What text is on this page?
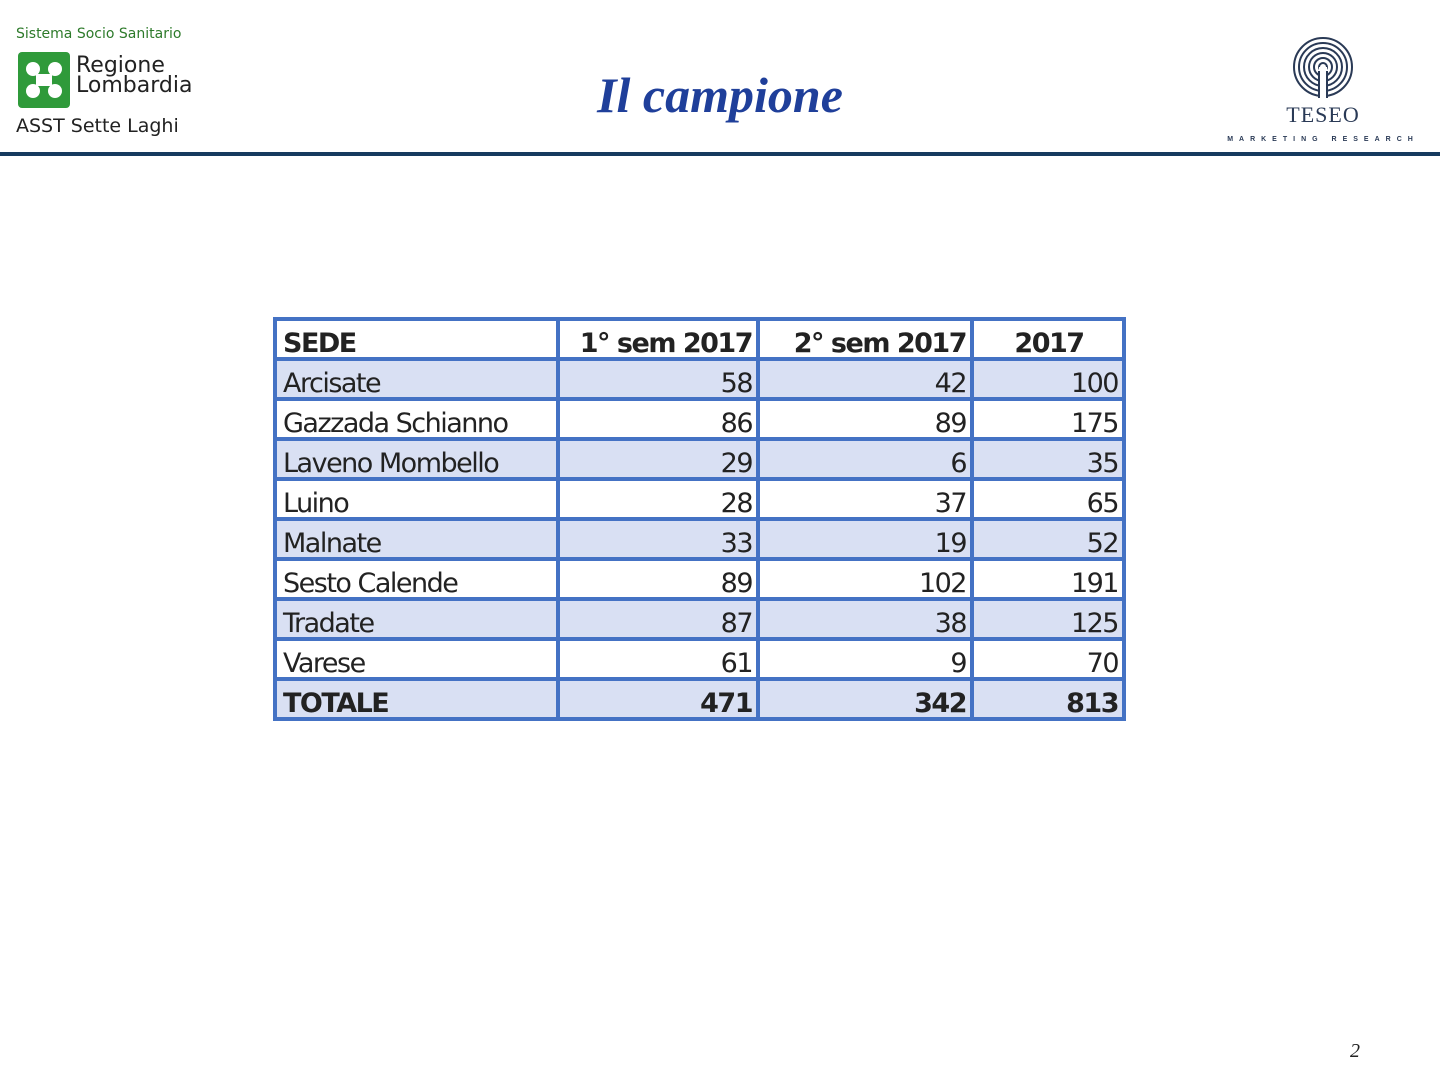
Sistema Socio Sanitario
Regione
Lombardia
ASST Sette Laghi
Il campione	TESEO
MARKETING RESEARCH
SEDE	1° sem 2017	2° sem 2017	2017
Arcisate	58	42	100
Gazzada Schianno	86	89	175
Laveno Mombello	29	6	35
Luino	28	37	65
Malnate	33	19	52
Sesto Calende	89	102	191
Tradate	87	38	125
Varese	61	9	70
TOTALE	471	342	813
2
